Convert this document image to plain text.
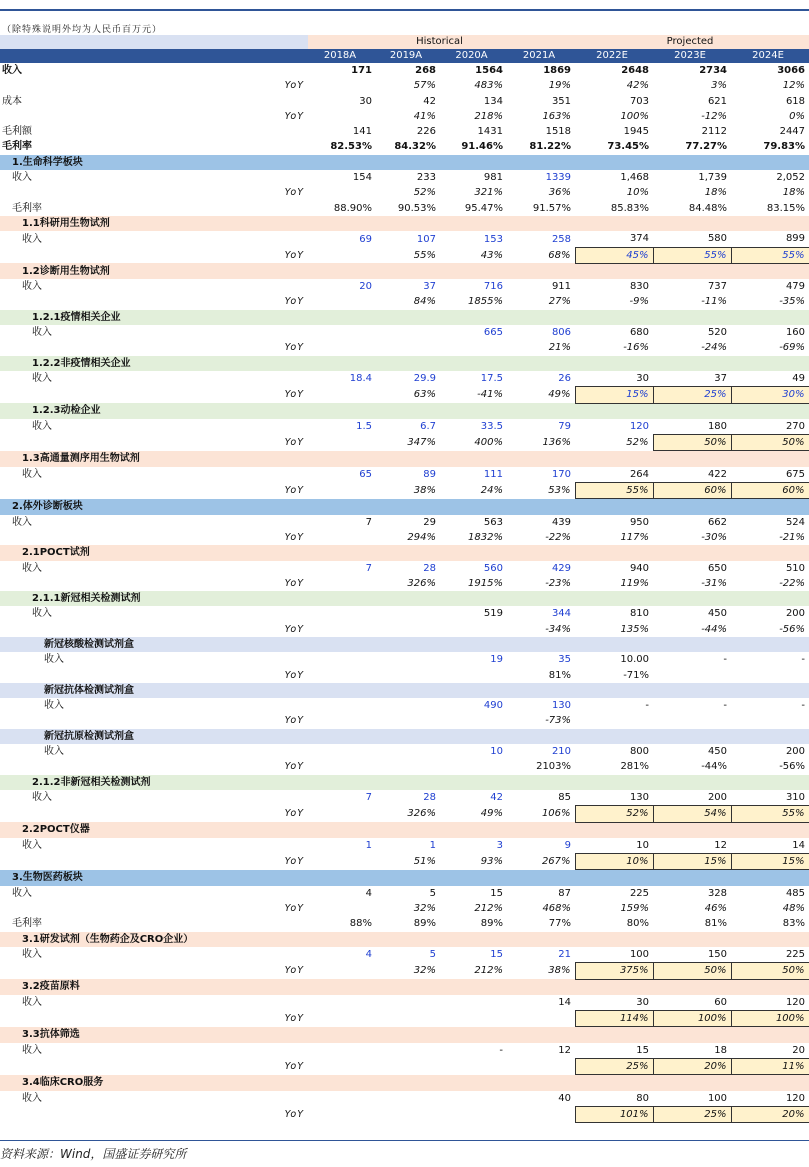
（除特殊说明外均为人民币百万元）
	Historical				Projected		
	2018A	2019A	2020A	2021A	2022E	2023E	2024E
收入	171	268	1564	1869	2648	2734	3066
YoY		57%	483%	19%	42%	3%	12%
成本	30	42	134	351	703	621	618
YoY		41%	218%	163%	100%	-12%	0%
毛利额	141	226	1431	1518	1945	2112	2447
毛利率	82.53%	84.32%	91.46%	81.22%	73.45%	77.27%	79.83%
1.生命科学板块							
收入	154	233	981	1339	1,468	1,739	2,052
YoY		52%	321%	36%	10%	18%	18%
毛利率	88.90%	90.53%	95.47%	91.57%	85.83%	84.48%	83.15%
1.1科研用生物试剂							
收入	69	107	153	258	374	580	899
YoY		55%	43%	68%	45%	55%	55%
1.2诊断用生物试剂							
收入	20	37	716	911	830	737	479
YoY		84%	1855%	27%	-9%	-11%	-35%
1.2.1疫情相关企业							
收入			665	806	680	520	160
YoY				21%	-16%	-24%	-69%
1.2.2非疫情相关企业							
收入	18.4	29.9	17.5	26	30	37	49
YoY		63%	-41%	49%	15%	25%	30%
1.2.3动检企业							
收入	1.5	6.7	33.5	79	120	180	270
YoY		347%	400%	136%	52%	50%	50%
1.3高通量测序用生物试剂							
收入	65	89	111	170	264	422	675
YoY		38%	24%	53%	55%	60%	60%
2.体外诊断板块							
收入	7	29	563	439	950	662	524
YoY		294%	1832%	-22%	117%	-30%	-21%
2.1POCT试剂							
收入	7	28	560	429	940	650	510
YoY		326%	1915%	-23%	119%	-31%	-22%
2.1.1新冠相关检测试剂							
收入			519	344	810	450	200
YoY				-34%	135%	-44%	-56%
新冠核酸检测试剂盒							
收入			19	35	10.00	-	-
YoY				81%	-71%		
新冠抗体检测试剂盒							
收入			490	130	-	-	-
YoY				-73%			
新冠抗原检测试剂盒							
收入			10	210	800	450	200
YoY				2103%	281%	-44%	-56%
2.1.2非新冠相关检测试剂							
收入	7	28	42	85	130	200	310
YoY		326%	49%	106%	52%	54%	55%
2.2POCT仪器							
收入	1	1	3	9	10	12	14
YoY		51%	93%	267%	10%	15%	15%
3.生物医药板块							
收入	4	5	15	87	225	328	485
YoY		32%	212%	468%	159%	46%	48%
毛利率	88%	89%	89%	77%	80%	81%	83%
3.1研发试剂（生物药企及CRO企业）							
收入	4	5	15	21	100	150	225
YoY		32%	212%	38%	375%	50%	50%
3.2疫苗原料							
收入				14	30	60	120
YoY					114%	100%	100%
3.3抗体筛选							
收入			-	12	15	18	20
YoY					25%	20%	11%
3.4临床CRO服务							
收入				40	80	100	120
YoY					101%	25%	20%
资料来源：Wind，国盛证券研究所
